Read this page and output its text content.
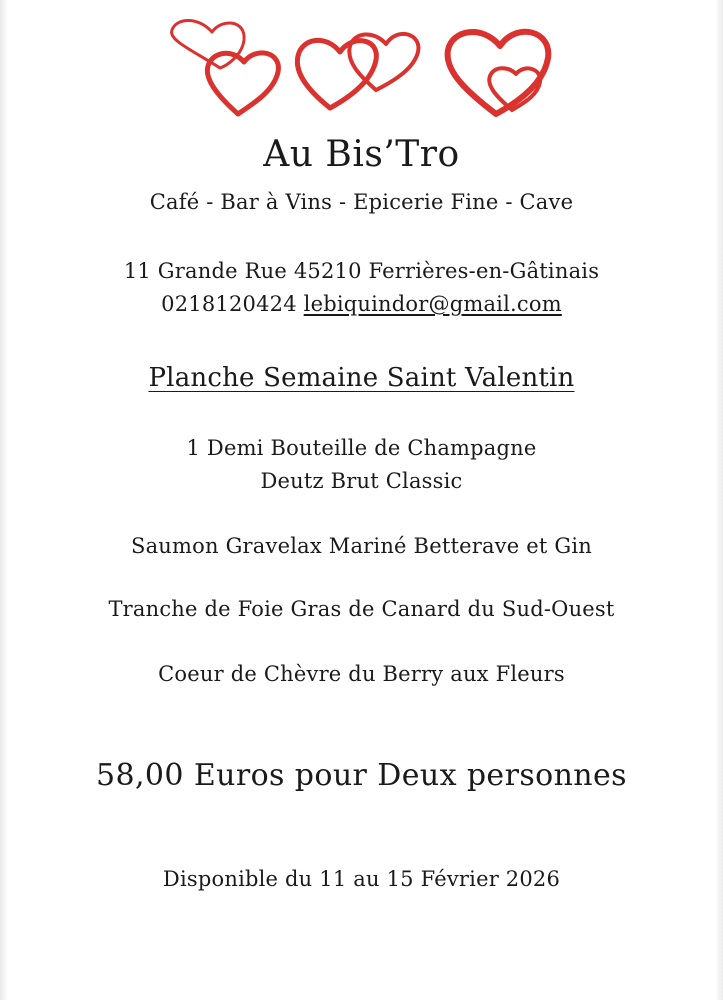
Au Bis’Tro
Café - Bar à Vins - Epicerie Fine - Cave
11 Grande Rue 45210 Ferrières-en-Gâtinais
0218120424 lebiquindor@gmail.com
Planche Semaine Saint Valentin
1 Demi Bouteille de Champagne
Deutz Brut Classic
Saumon Gravelax Mariné Betterave et Gin
Tranche de Foie Gras de Canard du Sud-Ouest
Coeur de Chèvre du Berry aux Fleurs
58,00 Euros pour Deux personnes
Disponible du 11 au 15 Février 2026
